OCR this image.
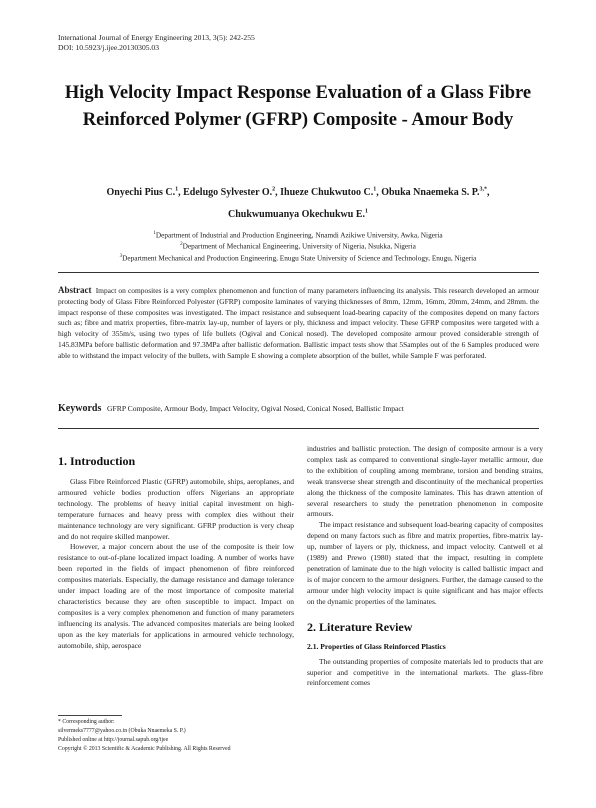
International Journal of Energy Engineering 2013, 3(5): 242-255
DOI: 10.5923/j.ijee.20130305.03
High Velocity Impact Response Evaluation of a Glass Fibre Reinforced Polymer (GFRP) Composite - Amour Body
Onyechi Pius C.$^1$, Edelugo Sylvester O.$^2$, Ihueze Chukwutoo C.$^1$, Obuka Nnaemeka S. P.$^{3,*}$,
Chukwumuanya Okechukwu E.$^1$
$^1$Department of Industrial and Production Engineering, Nnamdi Azikiwe University, Awka, Nigeria
$^2$Department of Mechanical Engineering, University of Nigeria, Nsukka, Nigeria
$^3$Department Mechanical and Production Engineering, Enugu State University of Science and Technology, Enugu, Nigeria
Abstract Impact on composites is a very complex phenomenon and function of many parameters influencing its analysis. This research developed an armour protecting body of Glass Fibre Reinforced Polyester (GFRP) composite laminates of varying thicknesses of 8mm, 12mm, 16mm, 20mm, 24mm, and 28mm. the impact response of these composites was investigated. The impact resistance and subsequent load-bearing capacity of the composites depend on many factors such as; fibre and matrix properties, fibre-matrix lay-up, number of layers or ply, thickness and impact velocity. These GFRP composites were targeted with a high velocity of 355m/s, using two types of life bullets (Ogival and Conical nosed). The developed composite armour proved considerable strength of 145.83MPa before ballistic deformation and 97.3MPa after ballistic deformation. Ballistic impact tests show that 5Samples out of the 6 Samples produced were able to withstand the impact velocity of the bullets, with Sample E showing a complete absorption of the bullet, while Sample F was perforated.
Keywords GFRP Composite, Armour Body, Impact Velocity, Ogival Nosed, Conical Nosed, Ballistic Impact
1. Introduction

Glass Fibre Reinforced Plastic (GFRP) automobile, ships, aeroplanes, and armoured vehicle bodies production offers Nigerians an appropriate technology. The problems of heavy initial capital investment on high-temperature furnaces and heavy press with complex dies without their maintenance technology are very significant. GFRP production is very cheap and do not require skilled manpower.

However, a major concern about the use of the composite is their low resistance to out-of-plane localized impact loading. A number of works have been reported in the fields of impact phenomenon of fibre reinforced composites materials. Especially, the damage resistance and damage tolerance under impact loading are of the most importance of composite material characteristics because they are often susceptible to impact. Impact on composites is a very complex phenomenon and function of many parameters influencing its analysis. The advanced composites materials are being looked upon as the key materials for applications in armoured vehicle technology, automobile, ship, aerospace

industries and ballistic protection. The design of composite armour is a very complex task as compared to conventional single-layer metallic armour, due to the exhibition of coupling among membrane, torsion and bending strains, weak transverse shear strength and discontinuity of the mechanical properties along the thickness of the composite laminates. This has drawn attention of several researchers to study the penetration phenomenon in composite armours.

The impact resistance and subsequent load-bearing capacity of composites depend on many factors such as fibre and matrix properties, fibre-matrix lay-up, number of layers or ply, thickness, and impact velocity. Cantwell et al (1989) and Prewo (1980) stated that the impact, resulting in complete penetration of laminate due to the high velocity is called ballistic impact and is of major concern to the armour designers. Further, the damage caused to the armour under high velocity impact is quite significant and has major effects on the dynamic properties of the laminates.

2. Literature Review
2.1. Properties of Glass Reinforced Plastics

The outstanding properties of composite materials led to products that are superior and competitive in the international markets. The glass-fibre reinforcement comes

* Corresponding author:
silvermeks7777@yahoo.co.in (Obuka Nnaemeka S. P.)
Published online at http://journal.sapub.org/ijee
Copyright © 2013 Scientific & Academic Publishing. All Rights Reserved
